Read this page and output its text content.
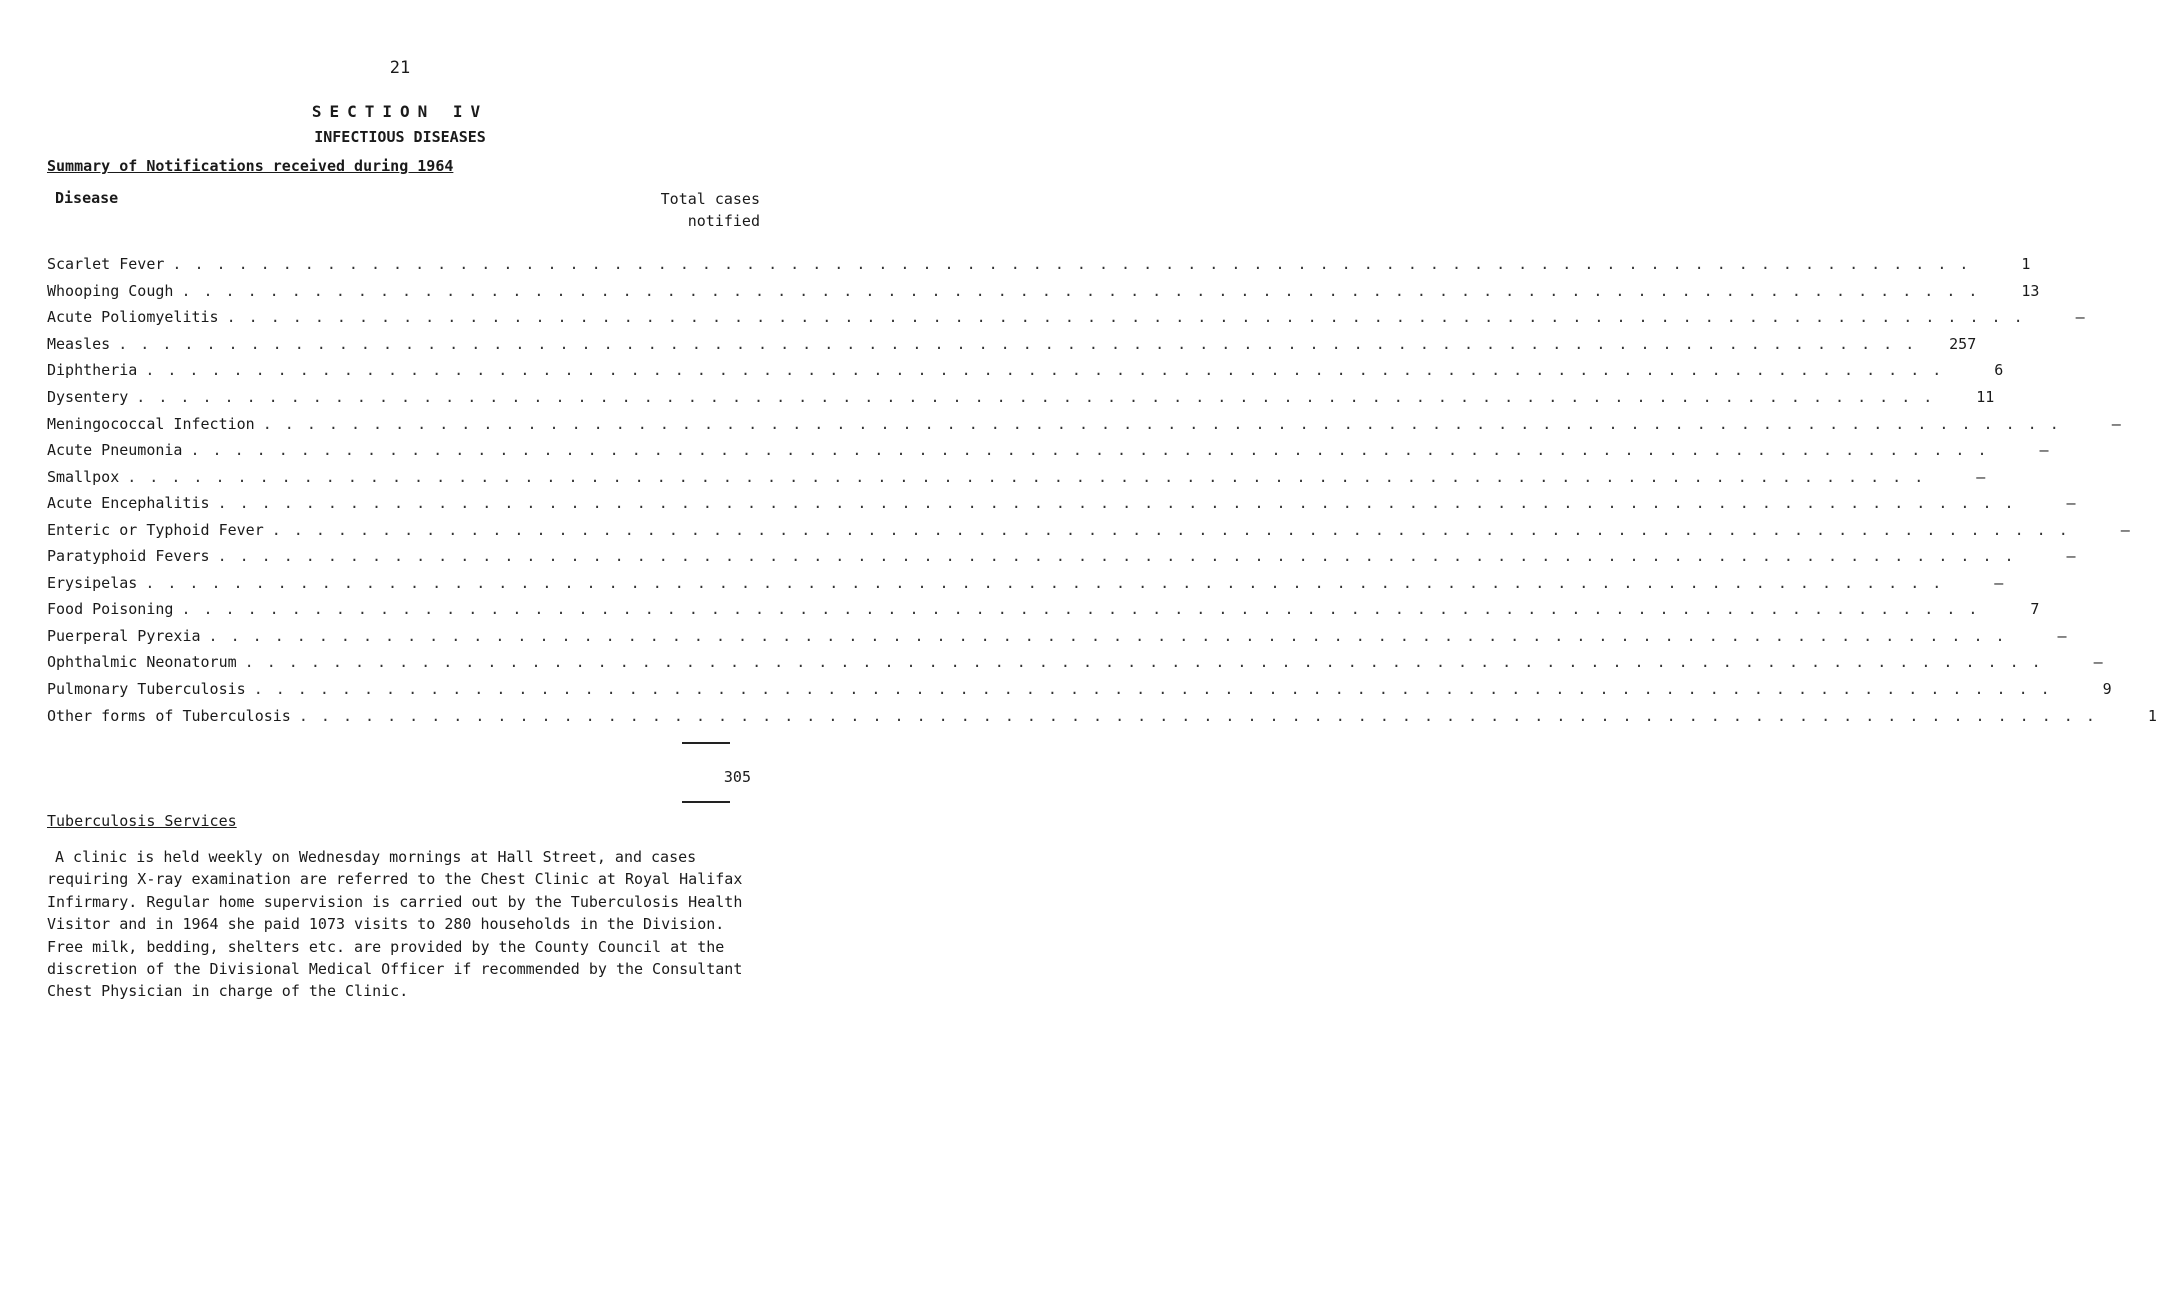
21
SECTION IV
INFECTIOUS DISEASES
Summary of Notifications received during 1964
Disease	Total cases notified
Scarlet Fever . . . . . . . . . . . . . . . . . . . . . . . . . . . . . . . . . . . . . . . . . . . . . . . . . . . . . . . . . . . . . . . . . . . . . . . . . . . . . . . . . .	1
Whooping Cough . . . . . . . . . . . . . . . . . . . . . . . . . . . . . . . . . . . . . . . . . . . . . . . . . . . . . . . . . . . . . . . . . . . . . . . . . . . . . . . . . .	13
Acute Poliomyelitis . . . . . . . . . . . . . . . . . . . . . . . . . . . . . . . . . . . . . . . . . . . . . . . . . . . . . . . . . . . . . . . . . . . . . . . . . . . . . . . . . .	–
Measles . . . . . . . . . . . . . . . . . . . . . . . . . . . . . . . . . . . . . . . . . . . . . . . . . . . . . . . . . . . . . . . . . . . . . . . . . . . . . . . . . .	257
Diphtheria . . . . . . . . . . . . . . . . . . . . . . . . . . . . . . . . . . . . . . . . . . . . . . . . . . . . . . . . . . . . . . . . . . . . . . . . . . . . . . . . . .	6
Dysentery . . . . . . . . . . . . . . . . . . . . . . . . . . . . . . . . . . . . . . . . . . . . . . . . . . . . . . . . . . . . . . . . . . . . . . . . . . . . . . . . . .	11
Meningococcal Infection . . . . . . . . . . . . . . . . . . . . . . . . . . . . . . . . . . . . . . . . . . . . . . . . . . . . . . . . . . . . . . . . . . . . . . . . . . . . . . . . . .	–
Acute Pneumonia . . . . . . . . . . . . . . . . . . . . . . . . . . . . . . . . . . . . . . . . . . . . . . . . . . . . . . . . . . . . . . . . . . . . . . . . . . . . . . . . . .	–
Smallpox . . . . . . . . . . . . . . . . . . . . . . . . . . . . . . . . . . . . . . . . . . . . . . . . . . . . . . . . . . . . . . . . . . . . . . . . . . . . . . . . . .	–
Acute Encephalitis . . . . . . . . . . . . . . . . . . . . . . . . . . . . . . . . . . . . . . . . . . . . . . . . . . . . . . . . . . . . . . . . . . . . . . . . . . . . . . . . . .	–
Enteric or Typhoid Fever . . . . . . . . . . . . . . . . . . . . . . . . . . . . . . . . . . . . . . . . . . . . . . . . . . . . . . . . . . . . . . . . . . . . . . . . . . . . . . . . . .	–
Paratyphoid Fevers . . . . . . . . . . . . . . . . . . . . . . . . . . . . . . . . . . . . . . . . . . . . . . . . . . . . . . . . . . . . . . . . . . . . . . . . . . . . . . . . . .	–
Erysipelas . . . . . . . . . . . . . . . . . . . . . . . . . . . . . . . . . . . . . . . . . . . . . . . . . . . . . . . . . . . . . . . . . . . . . . . . . . . . . . . . . .	–
Food Poisoning . . . . . . . . . . . . . . . . . . . . . . . . . . . . . . . . . . . . . . . . . . . . . . . . . . . . . . . . . . . . . . . . . . . . . . . . . . . . . . . . . .	7
Puerperal Pyrexia . . . . . . . . . . . . . . . . . . . . . . . . . . . . . . . . . . . . . . . . . . . . . . . . . . . . . . . . . . . . . . . . . . . . . . . . . . . . . . . . . .	–
Ophthalmic Neonatorum . . . . . . . . . . . . . . . . . . . . . . . . . . . . . . . . . . . . . . . . . . . . . . . . . . . . . . . . . . . . . . . . . . . . . . . . . . . . . . . . . .	–
Pulmonary Tuberculosis . . . . . . . . . . . . . . . . . . . . . . . . . . . . . . . . . . . . . . . . . . . . . . . . . . . . . . . . . . . . . . . . . . . . . . . . . . . . . . . . . .	9
Other forms of Tuberculosis . . . . . . . . . . . . . . . . . . . . . . . . . . . . . . . . . . . . . . . . . . . . . . . . . . . . . . . . . . . . . . . . . . . . . . . . . . . . . . . . . .	1
305
Tuberculosis Services
A clinic is held weekly on Wednesday mornings at Hall Street, and cases requiring X-ray examination are referred to the Chest Clinic at Royal Halifax Infirmary. Regular home supervision is carried out by the Tuberculosis Health Visitor and in 1964 she paid 1073 visits to 280 households in the Division. Free milk, bedding, shelters etc. are provided by the County Council at the discretion of the Divisional Medical Officer if recommended by the Consultant Chest Physician in charge of the Clinic.
